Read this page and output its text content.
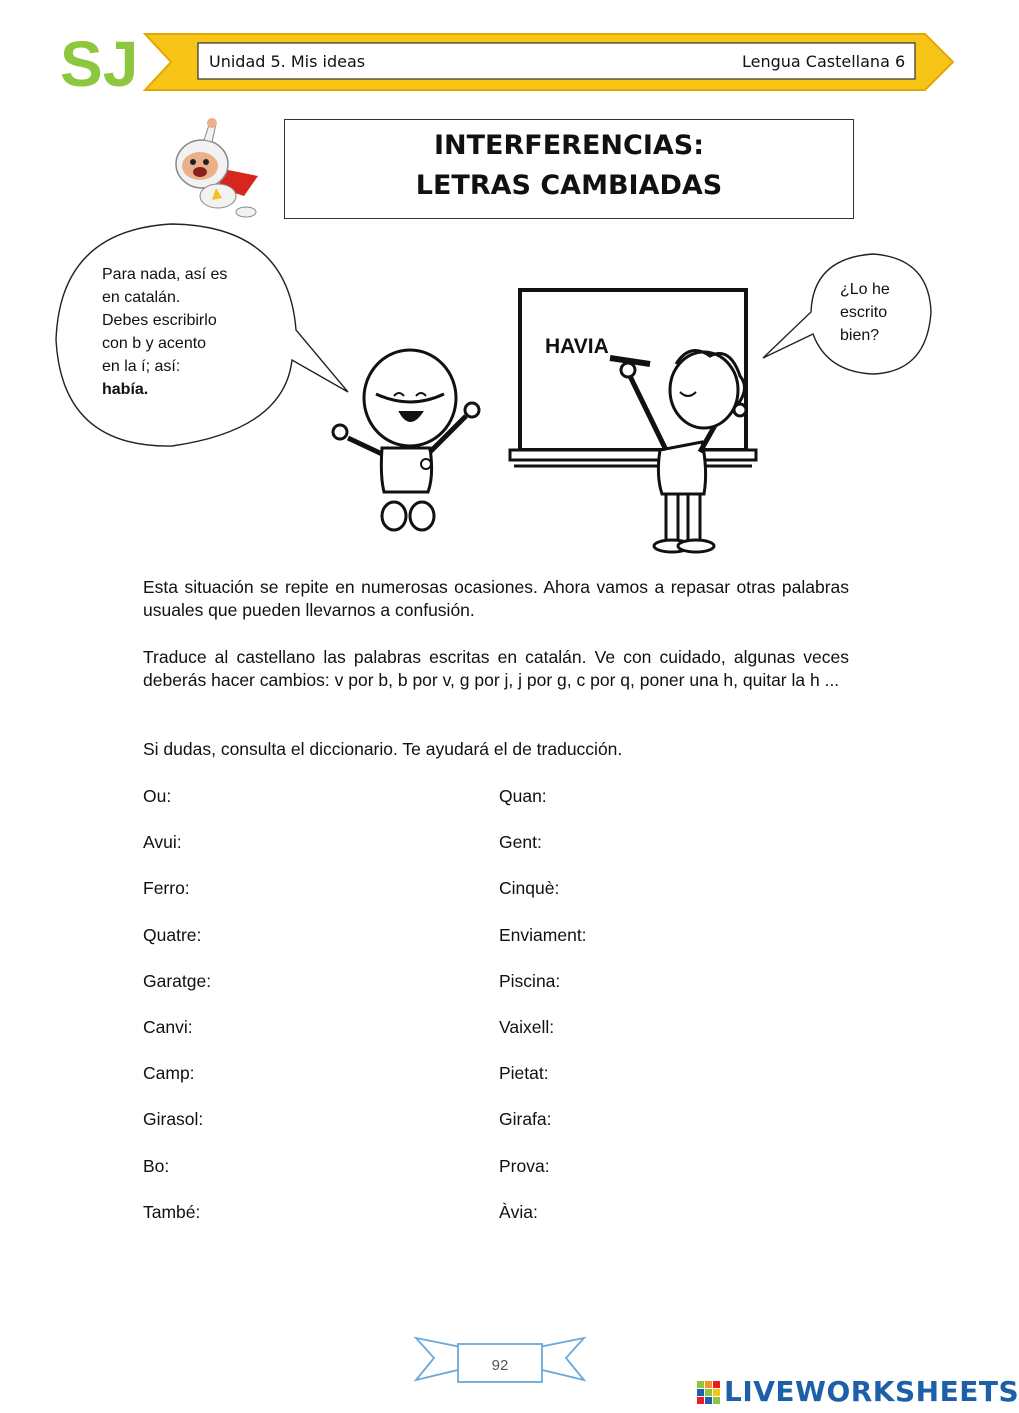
SJ	Unidad 5. Mis ideas	Lengua Castellana 6
INTERFERENCIAS:
LETRAS CAMBIADAS
Para nada, así es
en catalán.
Debes escribirlo
con b y acento
en la í; así:
había.
¿Lo he
escrito
bien?
HAVIA
Esta situación se repite en numerosas ocasiones. Ahora vamos a repasar otras palabras usuales que pueden llevarnos a confusión.
Traduce al castellano las palabras escritas en catalán. Ve con cuidado, algunas veces deberás hacer cambios: v por b, b por v, g por j, j por g, c por q, poner una h, quitar la h ...
Si dudas, consulta el diccionario. Te ayudará el de traducción.
Ou:
Avui:
Ferro:
Quatre:
Garatge:
Canvi:
Camp:
Girasol:
Bo:
També:
Quan:
Gent:
Cinquè:
Enviament:
Piscina:
Vaixell:
Pietat:
Girafa:
Prova:
Àvia:
92
LIVEWORKSHEETS
